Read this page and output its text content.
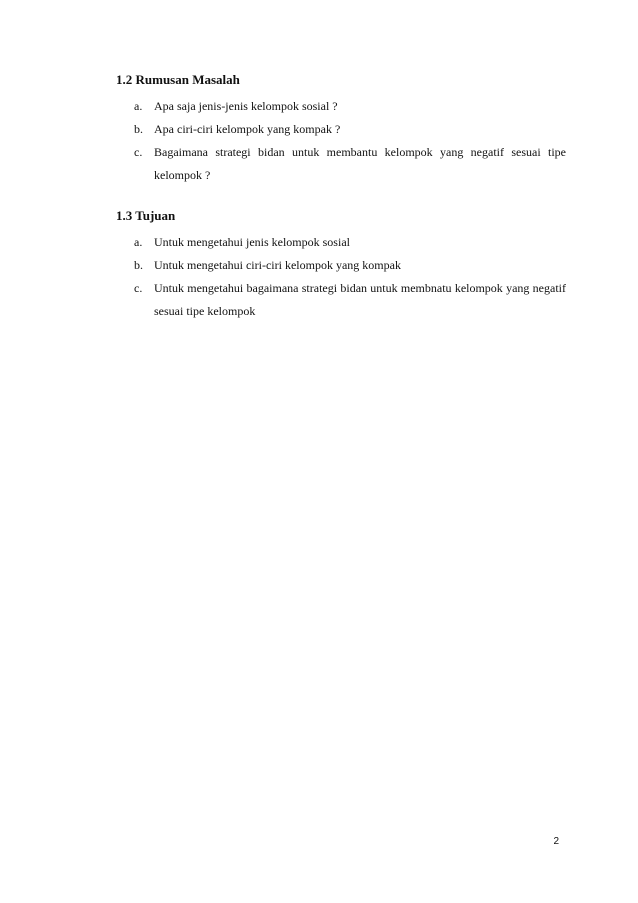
1.2 Rumusan Masalah
a. Apa saja jenis-jenis kelompok sosial ?
b. Apa ciri-ciri kelompok yang kompak ?
c. Bagaimana strategi bidan untuk membantu kelompok yang negatif sesuai tipe kelompok ?
1.3 Tujuan
a. Untuk mengetahui jenis kelompok sosial
b. Untuk mengetahui ciri-ciri kelompok yang kompak
c. Untuk mengetahui bagaimana strategi bidan untuk membnatu kelompok yang negatif sesuai tipe kelompok
2
